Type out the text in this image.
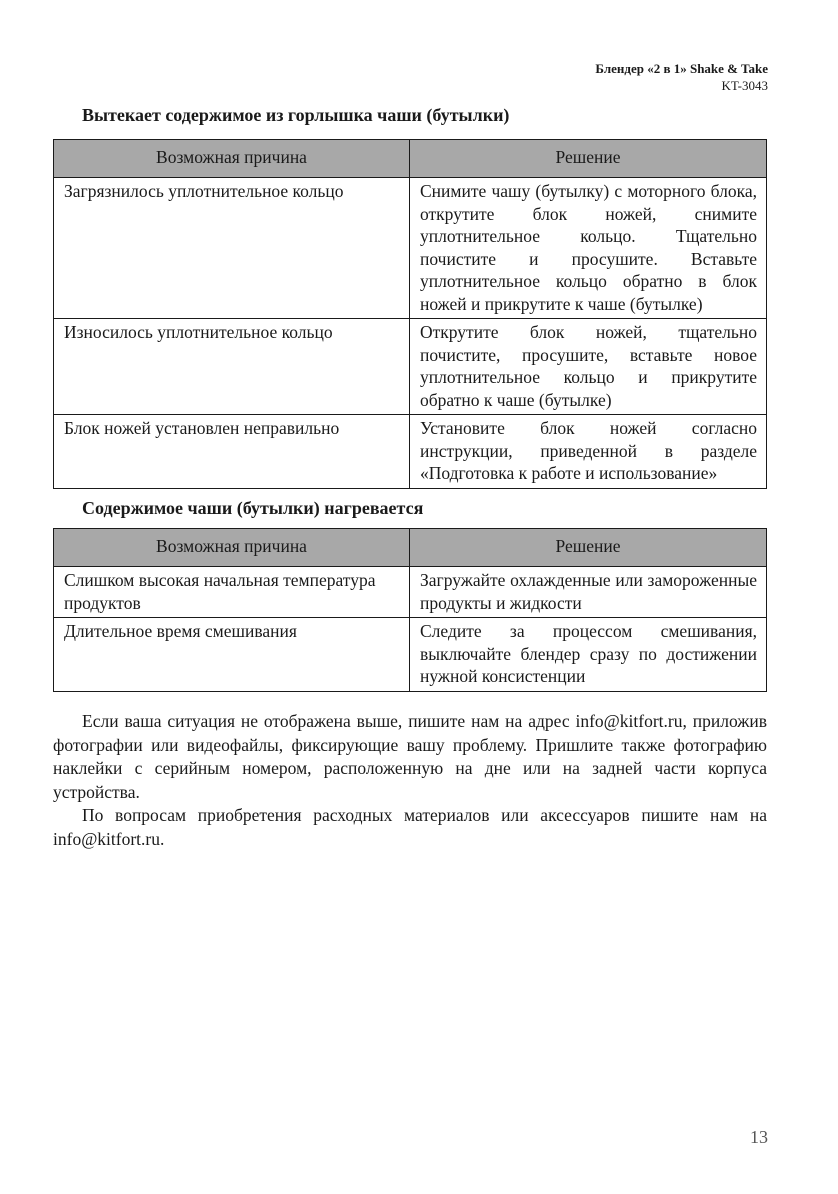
Блендер «2 в 1» Shake & Take
KT-3043
Вытекает содержимое из горлышка чаши (бутылки)
Возможная причина	Решение
Загрязнилось уплотнительное кольцо	Снимите чашу (бутылку) с моторного блока, открутите блок ножей, снимите уплотнительное кольцо. Тщательно почистите и просушите. Вставьте уплотнительное кольцо обратно в блок ножей и прикрутите к чаше (бутылке)
Износилось уплотнительное кольцо	Открутите блок ножей, тщательно почистите, просушите, вставьте новое уплотнительное кольцо и прикрутите обратно к чаше (бутылке)
Блок ножей установлен неправильно	Установите блок ножей согласно инструкции, приведенной в разделе «Подготовка к работе и использование»
Содержимое чаши (бутылки) нагревается
Возможная причина	Решение
Слишком высокая начальная температура продуктов	Загружайте охлажденные или замороженные продукты и жидкости
Длительное время смешивания	Следите за процессом смешивания, выключайте блендер сразу по достижении нужной консистенции

Если ваша ситуация не отображена выше, пишите нам на адрес info@kitfort.ru, приложив фотографии или видеофайлы, фиксирующие вашу проблему. Пришлите также фотографию наклейки с серийным номером, расположенную на дне или на задней части корпуса устройства.

По вопросам приобретения расходных материалов или аксессуаров пишите нам на info@kitfort.ru.

13
